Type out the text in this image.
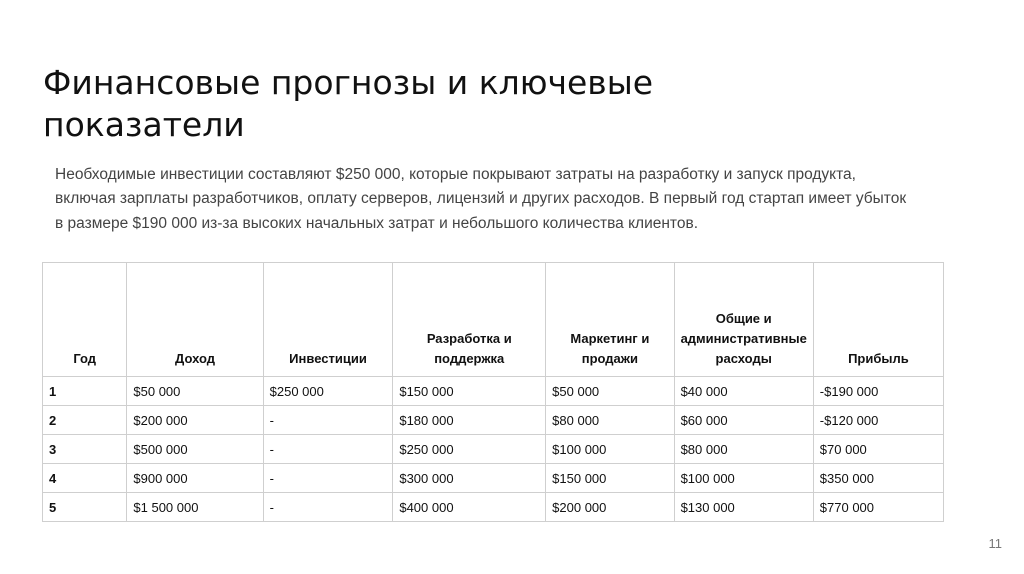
Финансовые прогнозы и ключевые показатели

Необходимые инвестиции составляют $250 000, которые покрывают затраты на разработку и запуск продукта, включая зарплаты разработчиков, оплату серверов, лицензий и других расходов. В первый год стартап имеет убыток в размере $190 000 из-за высоких начальных затрат и небольшого количества клиентов.

Год	Доход	Инвестиции	Разработка и поддержка	Маркетинг и продажи	Общие и административные расходы	Прибыль
1	$50 000	$250 000	$150 000	$50 000	$40 000	-$190 000
2	$200 000	-	$180 000	$80 000	$60 000	-$120 000
3	$500 000	-	$250 000	$100 000	$80 000	$70 000
4	$900 000	-	$300 000	$150 000	$100 000	$350 000
5	$1 500 000	-	$400 000	$200 000	$130 000	$770 000
11
